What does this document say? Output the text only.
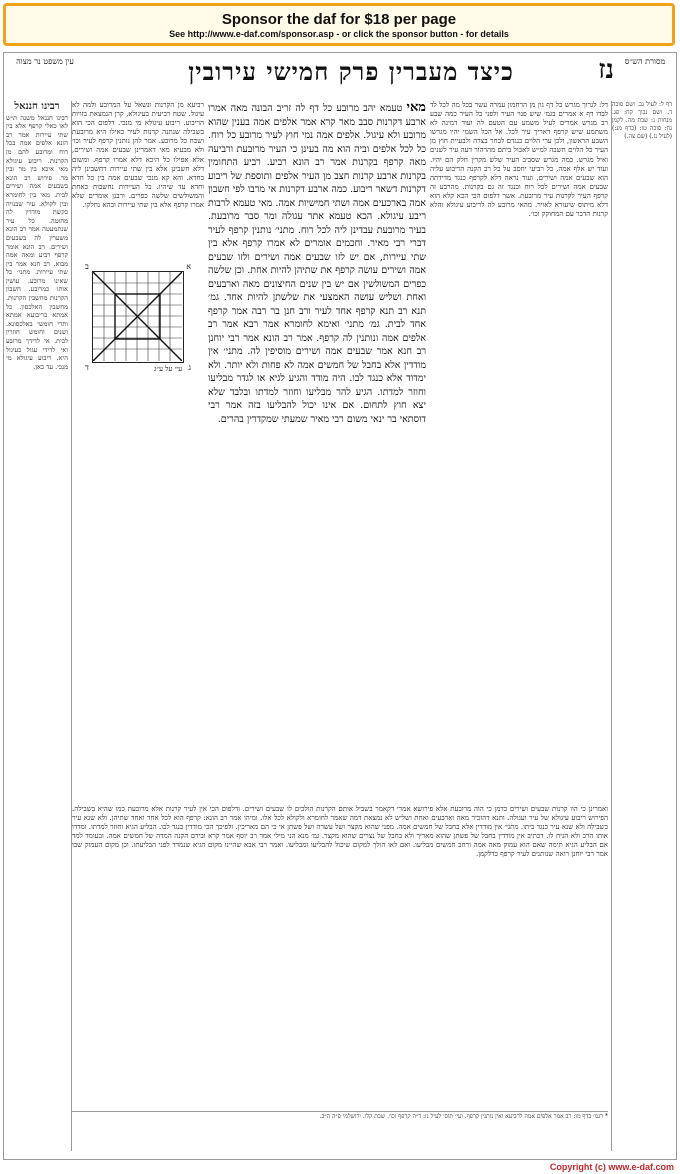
Sponsor the daf for $18 per page
See http://www.e-daf.com/sponsor.asp - or click the sponsor button - for details
מסורת הש״ס
נז
כיצד מעברין פרק חמישי עירובין
עין משפט נר מצוה

דף ל: לעיל נב. ושם סוכה ד. ושם נבוך קח: פג. מנחות נ: שבת מה. לקמן נח: סוכה טו: (בדף מג:) (לעיל נז.) (שם צה.)

דל: לגרוך מגרש כל דף גון מן הרחמון עמרה עשר בכל מה לכל לד לבדו דף א אמרים בגמ׳ שיש פנוי העיר ולפני כל העיר כמה שבע רב מגרש אמרים לעיל משמע עם הטעם לה ועוד דמינה לא משתמע שיש קרפף דאריך עיר לכל. אל הכל השמי יהיו מגרשו השבע הראשון, ולכן ערי הלוים כנגדם לבחר בצרה ולבעיית חוץ מן העיר כל הלוים חשבה למ״ש לאכול ביתם מהרהור דעה עיר לשנים ואיל מגרש. כמה מגרש שסביב העיר שלש מקרין חלק הם יהיו. ועוד יש אלף אמה, כל רביעי יחסב על כל רב הקנה הריבוע עליה הוא שבעים אמה ושירים, ועוד נראה דלא לקרפף כנגד מדידתה שבעים אמה ושירים לכל רוח וכנגד זה גם בקרנות. מהרבע זה קרפף העיר לקרנות עיר מרובעת. אשר דלפום הכי הכא קלא הוא דלא מיתוס שיעורא לאויר. מהאי מרובע לה לריבוע עיגולא והלא קרנות הדבר עם המחוקק וכו׳.

מאי טעמא יהב מרובע כל דף לה זריב הבונה מאה אמרו ארבע דקרנות סבב מאר קרא אמר אלפים אמה בענין שהוא מרובע ולא עיגול. אלפים אמה נמי חוץ לעיר מרובע כל רוח. כל לכל אלפים וביה הוא מה בעינן כי העיר מרובעת ורביעה מאה קרפף בקרנות אמר רב הונא רביע. רביע התחומין בקרנות ארבע קרנות חצב מן העיר אלפים ותוספת של ריבוע דקרנות דשאר ריבוע. כמה ארבע דקרנות אי מרבו לפי חשבון אמה בארכעים אמה ושתי חמישיות אמה. מאי טעמא לרבות ריבע עיגולא. הכא טעמא אתר עגולה ומר סבר מרובעת. בעיר מרובעת עבדינן ליה לכל רוח. מתני׳ נותנין קרפף לעיר דברי רבי מאיר. וחכמים אומרים לא אמרו קרפף אלא בין שתי עיירות, אם יש לזו שבעים אמה ושירים ולזו שבעים אמה ושירים עושה קרפף את שתיהן להיות אחת. וכן שלשה כפרים המשולשין אם יש בין שנים החיצונים מאה וארבעים ואחת ושליש עושה האמצעי את שלשתן להיות אחד. גמ׳ תנא רב תנא קרפף אחד לעיר ורב חנן בר רבה אמר קרפף אחד לבית. גמ׳ מתני׳ ואימא לחומרא אמר רבא אמר רב אלפים אמה ונותנין לה קרפף. אמר רב הונא אמר רבי יוחנן רב חנא אמר שבעים אמה ושירים מוסיפין לה. מתני׳ אין מודדין אלא בחבל של חמשים אמה לא פחות ולא יותר. ולא ימדוד אלא כנגד לבו. היה מודד והגיע לגיא או לגדר מבליעו וחוזר למדתו. הגיע להר מבליעו וחוזר למדתו ובלבד שלא יצא חוץ לתחום. אם אינו יכול להבליעו בזה אמר רבי דוסתאי בר ינאי משום רבי מאיר שמעתי שמקדרין בהרים.

רביעא מן הקרנות ונשאל על המרובע ולמה לא עיגול. שטח רביעית בעיגולא, קרן הנמצאת בזויות הריבוע. ריבוע עיגולא מי מנכי. דלפום הכי הוא בשבילה שנתנה קרנות לעיר כאילו היא מרובעת ושכח כל מרובע. אמר להן נותנין קרפף לעיר וכו׳ ולא מבעיא מאי דאמרינן שבעים אמה ושירים, אלא אפילו כל היכא דלא אמרו קרפף. ומשום דלא חשבינן אלא בין שתי עיירות דחשבינן ליה כחדא. והא קא מנכי שבעים אמה בין כל חדא וחדא עד שיהיו. כל העיירות נחשבות כאחת והמשולשים שלשה כפרים. ורבנן אומרים שלא אמרו קרפף אלא בין שתי עיירות ובהא נחלקו.

רבינו חננאל

רבינו חננאל משנה ת״ש לאו כאלי קרפף אלא בין שתי עיירות אמר רב הונא אלפים אמה בכל רוח ומרובע להם מן הקרנות. ריבוע עיגולא מאי איכא בין מר ובין מר. פירוש רב הונא בשבעים אמה ושירים לבית. מאי בין לחומרא ובין לקולא. עיר שבנויה כקשת מודדין לה מחוטה. כל עיר שנתמעטה אמר רב הונא משערין לה בשבעים ושירים. רב הונא אומר קרפף רביע ומאה אמה מבוא. רב חנא אמר בין שתי עיירות. מתני׳ כל שאינו מרובע. עושין אותו כמרובע. חשבון הקרנות מחשבין הקרנות. מחשבין האלכסון. כל אמתא בריבועא אמתא ותרי חומשי באלכסונא. ושנים וחומש חוזרין לבית. אי לדידך מרובע ואי לדידי עגול כעיגול היא. ריבוע עיגולא מי מנכי. עד כאן.

ואמרינן כי הוו קרנות שבעים ושירים כדמן כי הוה מרובעת אלא פירושא אמרי דקאמר בשביל אותם הקרנות הולכים לו שבעים ושירים. ודלפום הכי אין לעיר קרנות אלא מרובעת כמו שהיא בשבילה. הפירוש ריבוע עיגולא של עיר ועגולה. ותנא דהזכיר מאה וארבעים ואחת ושליש לא נמצאת דמה שאמר לחומרא ולקולא לכל אלו. ומיהו אמר רב הונא: קרפף הוא לכל אחד ואחד שתיהן. ולא שנא עיר כשבילה ולא שנא עיר כנגד ביתו. מתני׳ אין מודדין אלא בחבל של חמשים אמה. מפני שהוא מקצר ושל עשרה ושל פשתן אי כי הם מאריכין. ולפיכך הכי מודדין כנגד לבו. הבליע הגיא וחוזר למדתו. ומדדו אותו הרב ולא הניח לו. דכתיב אין מודדין בחבל של פשתן שהוא מאריך ולא בחבל של נצרים שהוא מקצר. גמ׳ מנא הני מילי אמר רב יוסף אמר קרא ובידם הקנה המדה של חמשים אמה. ובעומד למד אם הבליע הגיא תימה שאם הוא עמוק מאה אמה ורחב חמשים מבליעו. ואם לאו הולך למקום שיכול להבליעו ומבליעו. ואמר רבי אבא שהיינו מקום הגיא שנמדד לפני הבליעתו. וכן מקום העמוק שבו אמר רבי יוחנן רואה שנותנים לעיר קרפף כדלקמן.

* רגמ׳ בדף מו: רב אמר אלפים אמה לרביעא ואין נותנין קרפף. ועי׳ תוס׳ לעיל נז: ד״ה קרפף וכו׳. שבת קלו. ירושלמי פ״ה ה״ב.

א
ב
ג
ד	עי׳ על ע״ג
Copyright (c) www.e-daf.com
